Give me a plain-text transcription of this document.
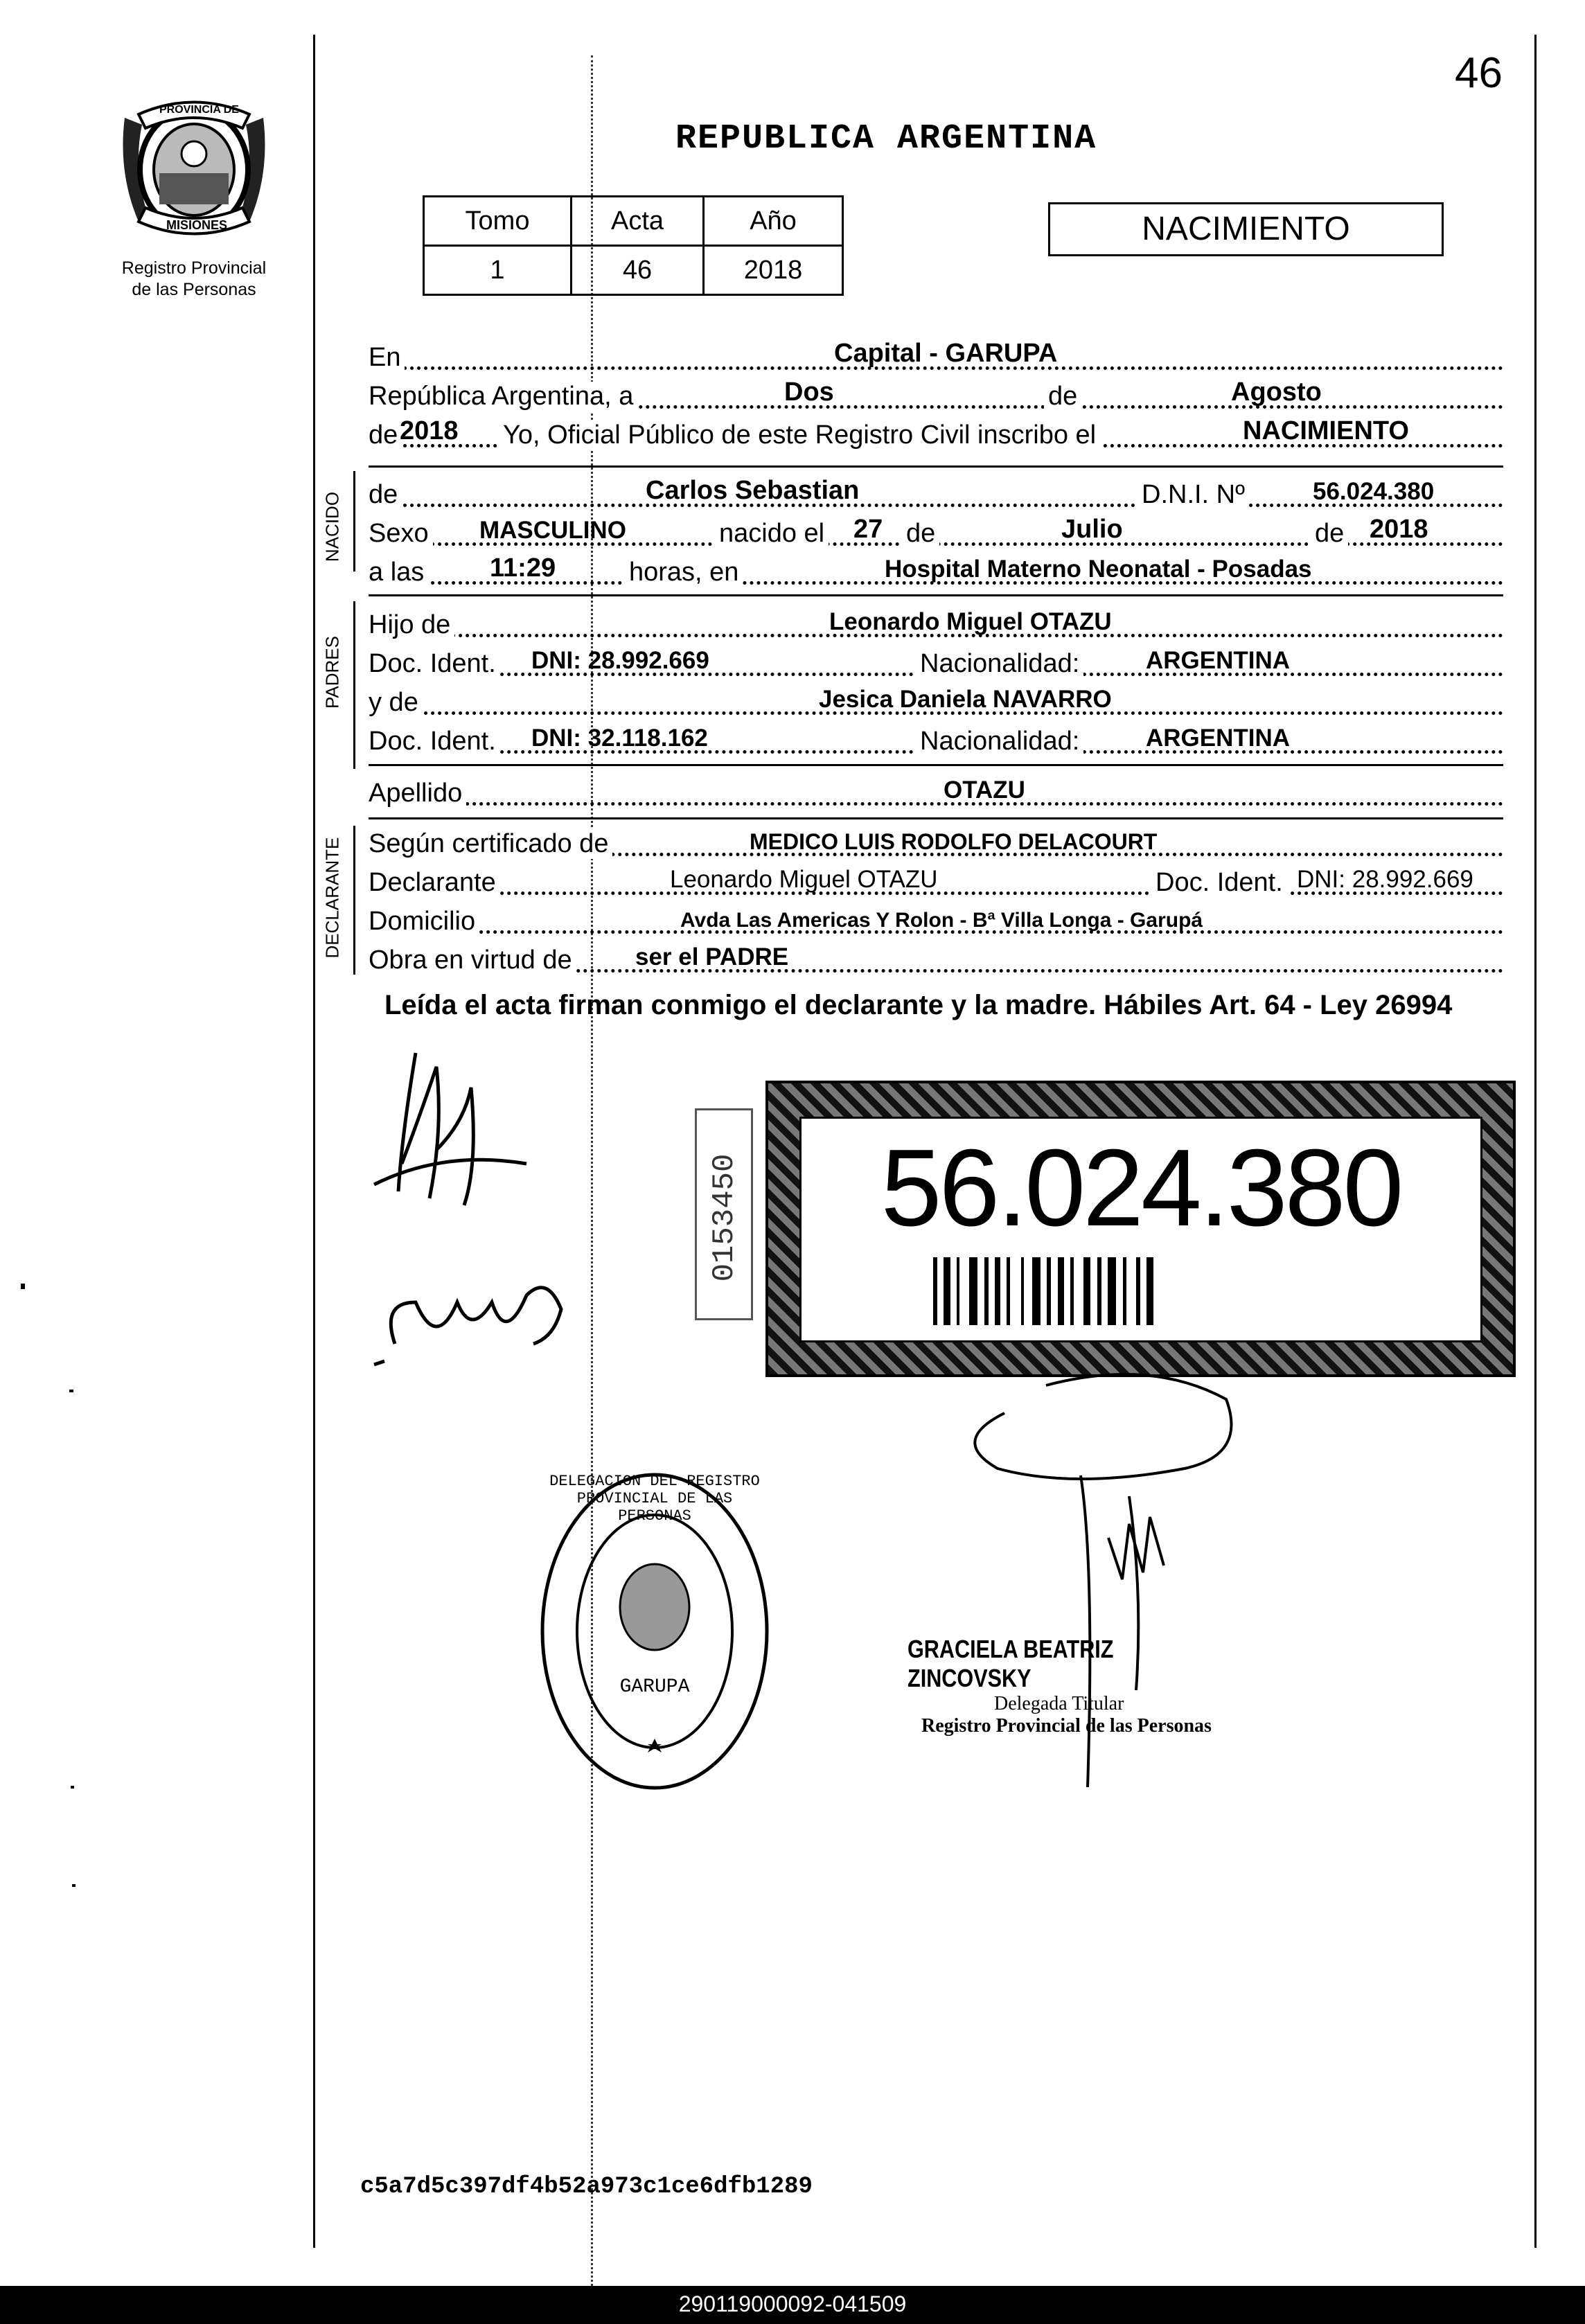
PROVINCIA DE
MISIONES
Registro Provincial
de las Personas
46
REPUBLICA ARGENTINA
Tomo	Acta	Año
1	46	2018
NACIMIENTO
En	Capital - GARUPA
República Argentina, a	Dos	de	Agosto
de 2018 Yo, Oficial Público de este Registro Civil inscribo el	NACIMIENTO
NACIDO de	Carlos Sebastian	D.N.I. Nº	56.024.380
Sexo MASCULINO	nacido el 27 de	Julio	de 2018
a las 11:29	horas, en	Hospital Materno Neonatal - Posadas
PADRES
Hijo de	Leonardo Miguel OTAZU
Doc. Ident. DNI: 28.992.669	Nacionalidad:	ARGENTINA
y de	Jesica Daniela NAVARRO
Doc. Ident. DNI: 32.118.162	Nacionalidad:	ARGENTINA
Apellido	OTAZU
DECLARANTE Según certificado de	MEDICO LUIS RODOLFO DELACOURT
Declarante	Leonardo Miguel OTAZU	Doc. Ident. DNI: 28.992.669
Domicilio	Avda Las Americas Y Rolon - Bª Villa Longa - Garupá
Obra en virtud de	ser el PADRE
Leída el acta firman conmigo el declarante y la madre. Hábiles Art. 64 - Ley 26994
0153450	56.024.380
DELEGACION DEL REGISTRO PROVINCIAL DE LAS PERSONAS
GARUPA
GRACIELA BEATRIZ ZINCOVSKY
Delegada Titular
Registro Provincial de las Personas
c5a7d5c397df4b52a973c1ce6dfb1289
290119000092-041509
